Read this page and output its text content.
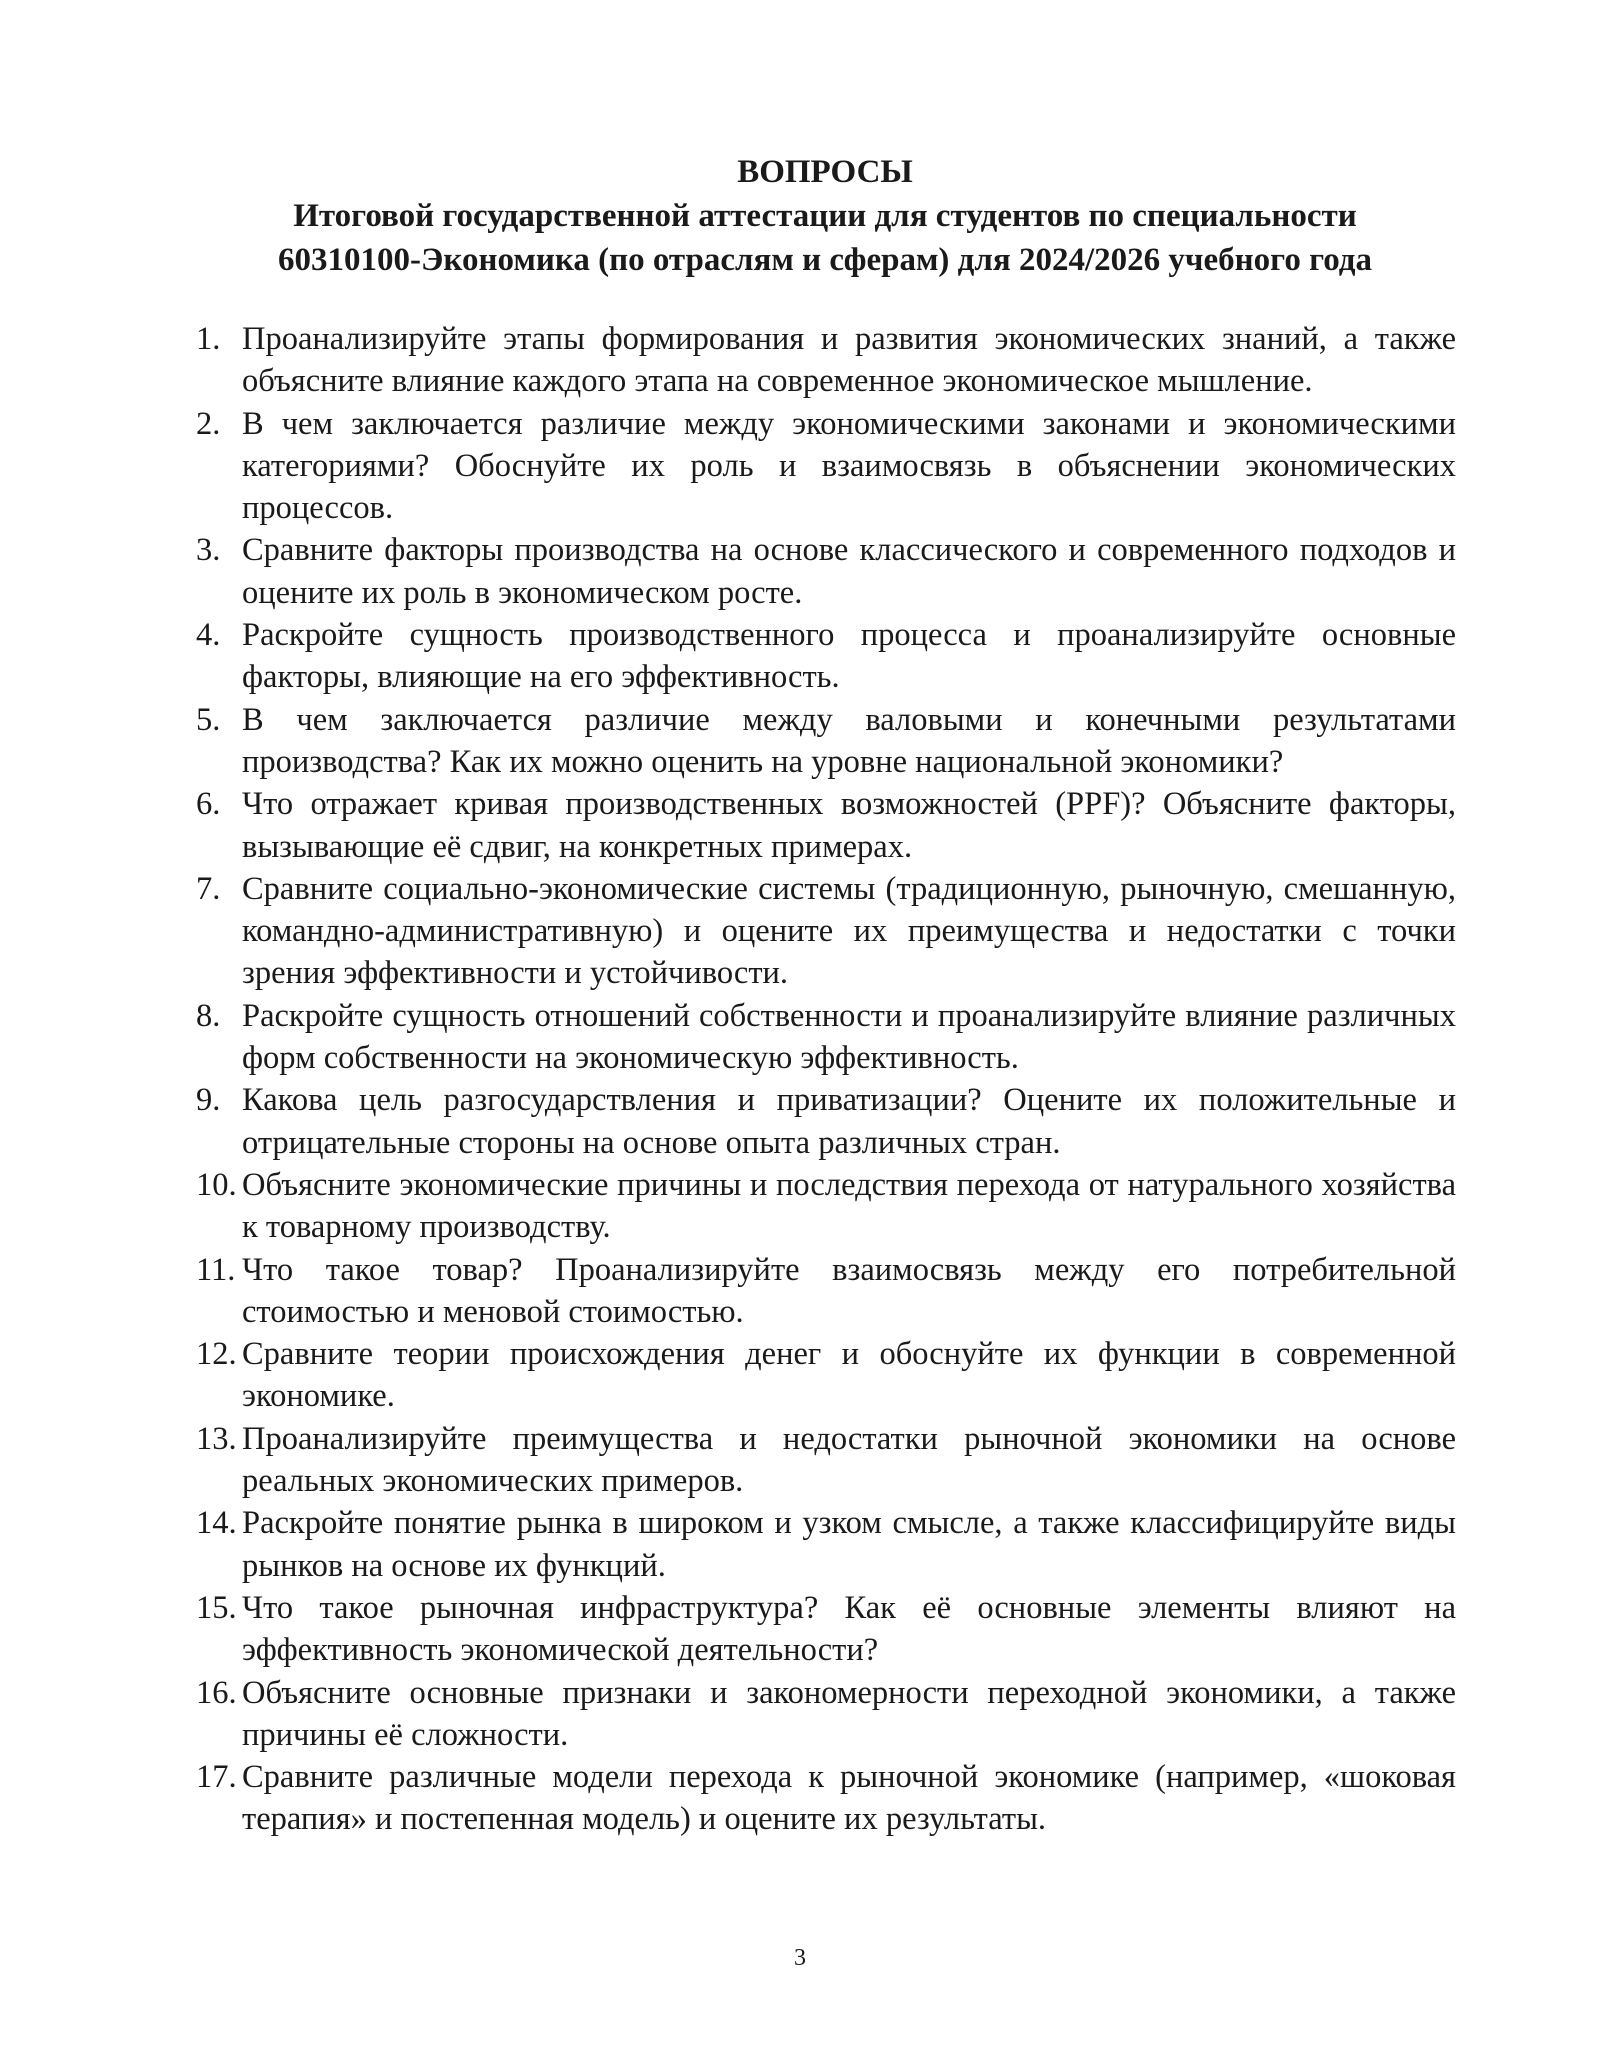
ВОПРОСЫ
Итоговой государственной аттестации для студентов по специальности
60310100-Экономика (по отраслям и сферам) для 2024/2026 учебного года
1. Проанализируйте этапы формирования и развития экономических знаний, а также объясните влияние каждого этапа на современное экономическое мышление.
2. В чем заключается различие между экономическими законами и экономическими категориями? Обоснуйте их роль и взаимосвязь в объяснении экономических процессов.
3. Сравните факторы производства на основе классического и современного подходов и оцените их роль в экономическом росте.
4. Раскройте сущность производственного процесса и проанализируйте основные факторы, влияющие на его эффективность.
5. В чем заключается различие между валовыми и конечными результатами производства? Как их можно оценить на уровне национальной экономики?
6. Что отражает кривая производственных возможностей (PPF)? Объясните факторы, вызывающие её сдвиг, на конкретных примерах.
7. Сравните социально-экономические системы (традиционную, рыночную, смешанную, командно-административную) и оцените их преимущества и недостатки с точки зрения эффективности и устойчивости.
8. Раскройте сущность отношений собственности и проанализируйте влияние различных форм собственности на экономическую эффективность.
9. Какова цель разгосударствления и приватизации? Оцените их положительные и отрицательные стороны на основе опыта различных стран.
10. Объясните экономические причины и последствия перехода от натурального хозяйства к товарному производству.
11. Что такое товар? Проанализируйте взаимосвязь между его потребительной стоимостью и меновой стоимостью.
12. Сравните теории происхождения денег и обоснуйте их функции в современной экономике.
13. Проанализируйте преимущества и недостатки рыночной экономики на основе реальных экономических примеров.
14. Раскройте понятие рынка в широком и узком смысле, а также классифицируйте виды рынков на основе их функций.
15. Что такое рыночная инфраструктура? Как её основные элементы влияют на эффективность экономической деятельности?
16. Объясните основные признаки и закономерности переходной экономики, а также причины её сложности.
17. Сравните различные модели перехода к рыночной экономике (например, «шоковая терапия» и постепенная модель) и оцените их результаты.
3
